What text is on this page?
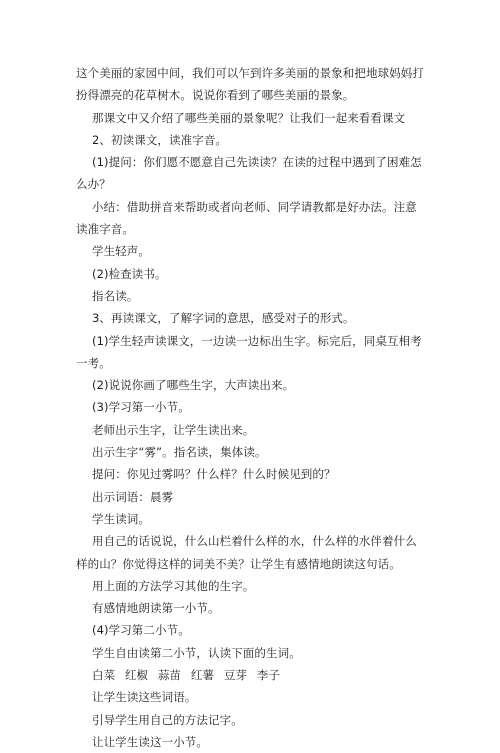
这个美丽的家园中间，我们可以乍到许多美丽的景象和把地球妈妈打扮得漂亮的花草树木。说说你看到了哪些美丽的景象。

那课文中又介绍了哪些美丽的景象呢？让我们一起来看看课文

2、初读课文，读准字音。

(1)提问：你们愿不愿意自己先读读？在读的过程中遇到了困难怎么办？

小结：借助拼音来帮助或者向老师、同学请教都是好办法。注意读准字音。

学生轻声。

(2)检查读书。

指名读。

3、再读课文，了解字词的意思，感受对子的形式。

(1)学生轻声读课文，一边读一边标出生字。标完后，同桌互相考一考。

(2)说说你画了哪些生字，大声读出来。

(3)学习第一小节。

老师出示生字，让学生读出来。

出示生字“雾”。指名读，集体读。

提问：你见过雾吗？什么样？什么时候见到的？

出示词语：晨雾

学生读词。

用自己的话说说，什么山栏着什么样的水，什么样的水伴着什么样的山？你觉得这样的词美不美？让学生有感情地朗读这句话。

用上面的方法学习其他的生字。

有感情地朗读第一小节。

(4)学习第二小节。

学生自由读第二小节，认读下面的生词。

白菜 红椒 蒜苗 红薯 豆芽 李子

让学生读这些词语。

引导学生用自己的方法记字。

让让学生读这一小节。
